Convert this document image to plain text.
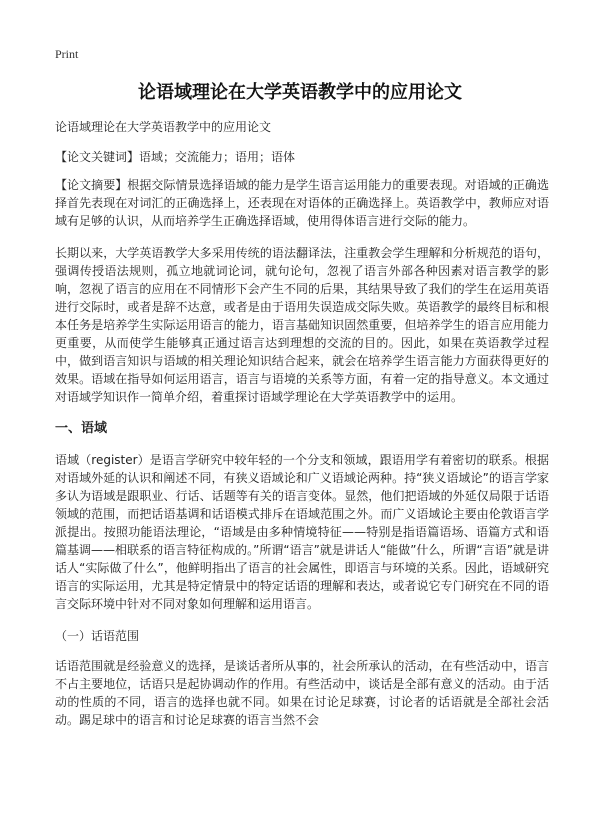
Print
论语域理论在大学英语教学中的应用论文

论语域理论在大学英语教学中的应用论文

【论文关键词】语域；交流能力；语用；语体

【论文摘要】根据交际情景选择语域的能力是学生语言运用能力的重要表现。对语域的正确选择首先表现在对词汇的正确选择上，还表现在对语体的正确选择上。英语教学中，教师应对语域有足够的认识，从而培养学生正确选择语域，使用得体语言进行交际的能力。

长期以来，大学英语教学大多采用传统的语法翻译法，注重教会学生理解和分析规范的语句，强调传授语法规则，孤立地就词论词，就句论句，忽视了语言外部各种因素对语言教学的影响，忽视了语言的应用在不同情形下会产生不同的后果，其结果导致了我们的学生在运用英语进行交际时，或者是辞不达意，或者是由于语用失误造成交际失败。英语教学的最终目标和根本任务是培养学生实际运用语言的能力，语言基础知识固然重要，但培养学生的语言应用能力更重要，从而使学生能够真正通过语言达到理想的交流的目的。因此，如果在英语教学过程中，做到语言知识与语域的相关理论知识结合起来，就会在培养学生语言能力方面获得更好的效果。语域在指导如何运用语言，语言与语境的关系等方面，有着一定的指导意义。本文通过对语域学知识作一简单介绍，着重探讨语域学理论在大学英语教学中的运用。

一、语域

语域（register）是语言学研究中较年轻的一个分支和领域，跟语用学有着密切的联系。根据对语域外延的认识和阐述不同，有狭义语域论和广义语域论两种。持“狭义语域论”的语言学家多认为语域是跟职业、行话、话题等有关的语言变体。显然，他们把语域的外延仅局限于话语领域的范围，而把话语基调和话语模式排斥在语域范围之外。而广义语域论主要由伦敦语言学派提出。按照功能语法理论，“语域是由多种情境特征——特别是指语篇语场、语篇方式和语篇基调——相联系的语言特征构成的。”所谓“语言”就是讲话人“能做”什么，所谓“言语”就是讲话人“实际做了什么”，他鲜明指出了语言的社会属性，即语言与环境的关系。因此，语域研究语言的实际运用，尤其是特定情景中的特定话语的理解和表达，或者说它专门研究在不同的语言交际环境中针对不同对象如何理解和运用语言。

（一）话语范围

话语范围就是经验意义的选择，是谈话者所从事的，社会所承认的活动，在有些活动中，语言不占主要地位，话语只是起协调动作的作用。有些活动中，谈话是全部有意义的活动。由于活动的性质的不同，语言的选择也就不同。如果在讨论足球赛，讨论者的话语就是全部社会活动。踢足球中的语言和讨论足球赛的语言当然不会
